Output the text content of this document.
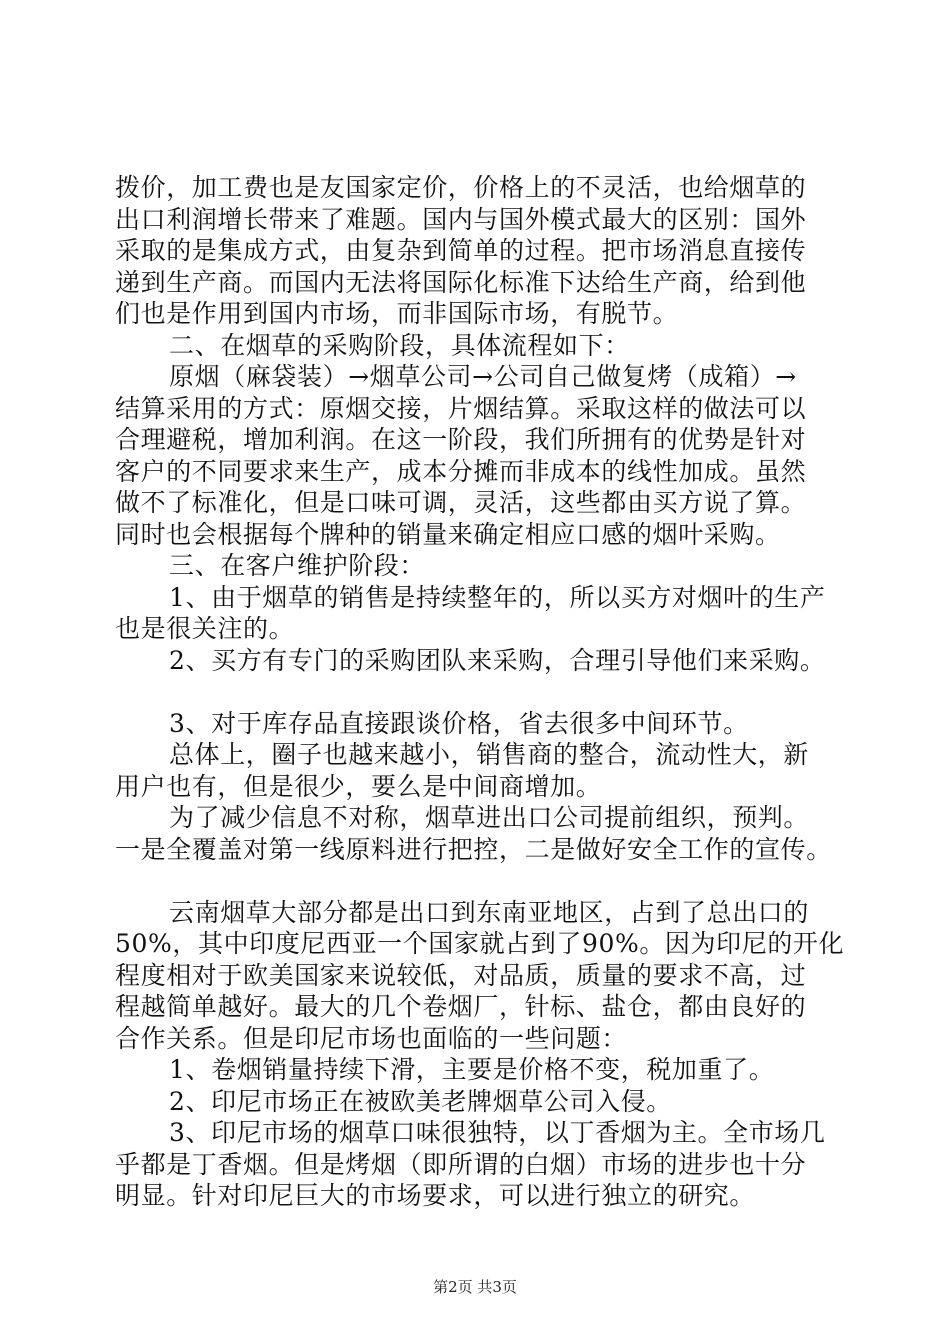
拨价，加工费也是友国家定价，价格上的不灵活，也给烟草的
出口利润增长带来了难题。国内与国外模式最大的区别：国外
采取的是集成方式，由复杂到简单的过程。把市场消息直接传
递到生产商。而国内无法将国际化标准下达给生产商，给到他
们也是作用到国内市场，而非国际市场，有脱节。
二、在烟草的采购阶段，具体流程如下：
原烟（麻袋装）→烟草公司→公司自己做复烤（成箱）→
结算采用的方式：原烟交接，片烟结算。采取这样的做法可以
合理避税，增加利润。在这一阶段，我们所拥有的优势是针对
客户的不同要求来生产，成本分摊而非成本的线性加成。虽然
做不了标准化，但是口味可调，灵活，这些都由买方说了算。
同时也会根据每个牌种的销量来确定相应口感的烟叶采购。
三、在客户维护阶段：
1、由于烟草的销售是持续整年的，所以买方对烟叶的生产
也是很关注的。
2、买方有专门的采购团队来采购，合理引导他们来采购。
3、对于库存品直接跟谈价格，省去很多中间环节。
总体上，圈子也越来越小，销售商的整合，流动性大，新
用户也有，但是很少，要么是中间商增加。
为了减少信息不对称，烟草进出口公司提前组织，预判。
一是全覆盖对第一线原料进行把控，二是做好安全工作的宣传。
云南烟草大部分都是出口到东南亚地区，占到了总出口的
50%，其中印度尼西亚一个国家就占到了90%。因为印尼的开化
程度相对于欧美国家来说较低，对品质，质量的要求不高，过
程越简单越好。最大的几个卷烟厂，针标、盐仓，都由良好的
合作关系。但是印尼市场也面临的一些问题：
1、卷烟销量持续下滑，主要是价格不变，税加重了。
2、印尼市场正在被欧美老牌烟草公司入侵。
3、印尼市场的烟草口味很独特，以丁香烟为主。全市场几
乎都是丁香烟。但是烤烟（即所谓的白烟）市场的进步也十分
明显。针对印尼巨大的市场要求，可以进行独立的研究。
第2页 共3页
